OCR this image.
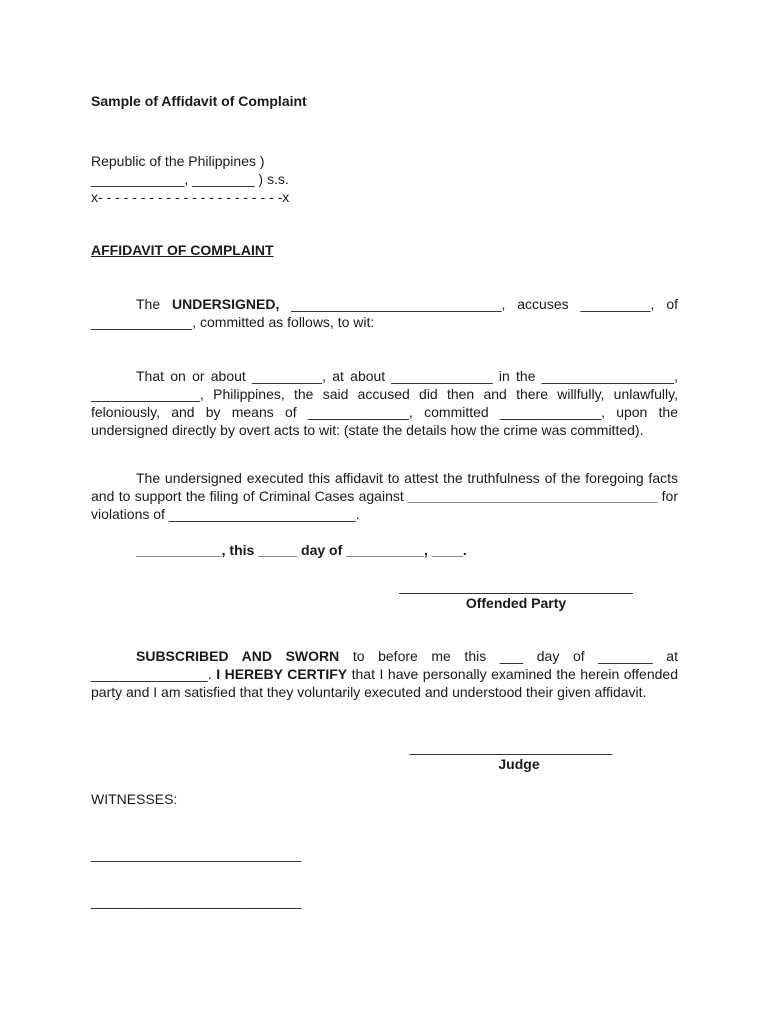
Sample of Affidavit of Complaint
Republic of the Philippines )
____________, ________ ) s.s.
x- - - - - - - - - - - - - - - - - - - - - -x
AFFIDAVIT OF COMPLAINT
The UNDERSIGNED, ___________________________, accuses _________, of _____________, committed as follows, to wit:
That on or about _________, at about _____________ in the _________________, ______________, Philippines, the said accused did then and there willfully, unlawfully, feloniously, and by means of _____________, committed _____________, upon the undersigned directly by overt acts to wit: (state the details how the crime was committed).
The undersigned executed this affidavit to attest the truthfulness of the foregoing facts and to support the filing of Criminal Cases against ________________________________ for violations of ________________________.
___________, this _____ day of __________, ____.
______________________________
Offended Party
SUBSCRIBED AND SWORN to before me this ___ day of _______ at _______________. I HEREBY CERTIFY that I have personally examined the herein offended party and I am satisfied that they voluntarily executed and understood their given affidavit.
__________________________
Judge
WITNESSES:
___________________________
___________________________
